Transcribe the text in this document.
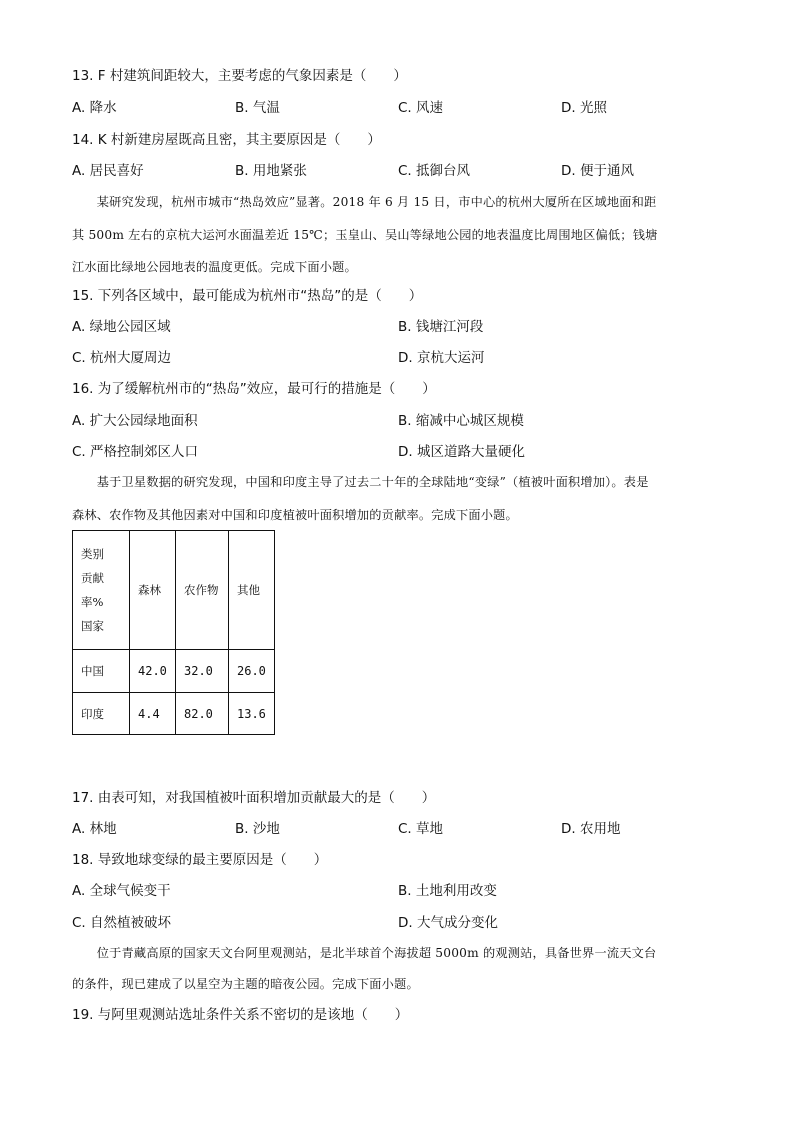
13. F 村建筑间距较大，主要考虑的气象因素是（　　）
A. 降水	B. 气温	C. 风速	D. 光照
14. K 村新建房屋既高且密，其主要原因是（　　）
A. 居民喜好	B. 用地紧张	C. 抵御台风	D. 便于通风
　　某研究发现，杭州市城市“热岛效应”显著。2018 年 6 月 15 日，市中心的杭州大厦所在区域地面和距
其 500m 左右的京杭大运河水面温差近 15℃；玉皇山、吴山等绿地公园的地表温度比周围地区偏低；钱塘
江水面比绿地公园地表的温度更低。完成下面小题。
15. 下列各区域中，最可能成为杭州市“热岛”的是（　　）
A. 绿地公园区域	B. 钱塘江河段
C. 杭州大厦周边	D. 京杭大运河
16. 为了缓解杭州市的“热岛”效应，最可行的措施是（　　）
A. 扩大公园绿地面积	B. 缩减中心城区规模
C. 严格控制郊区人口	D. 城区道路大量硬化
　　基于卫星数据的研究发现，中国和印度主导了过去二十年的全球陆地“变绿”（植被叶面积增加）。表是
森林、农作物及其他因素对中国和印度植被叶面积增加的贡献率。完成下面小题。
类别
贡献
率%
国家	森林	农作物	其他
中国	42.0	32.0	26.0
印度	4.4	82.0	13.6
17. 由表可知，对我国植被叶面积增加贡献最大的是（　　）
A. 林地	B. 沙地	C. 草地	D. 农用地
18. 导致地球变绿的最主要原因是（　　）
A. 全球气候变干	B. 土地利用改变
C. 自然植被破坏	D. 大气成分变化
　　位于青藏高原的国家天文台阿里观测站，是北半球首个海拔超 5000m 的观测站，具备世界一流天文台
的条件，现已建成了以星空为主题的暗夜公园。完成下面小题。
19. 与阿里观测站选址条件关系不密切的是该地（　　）
